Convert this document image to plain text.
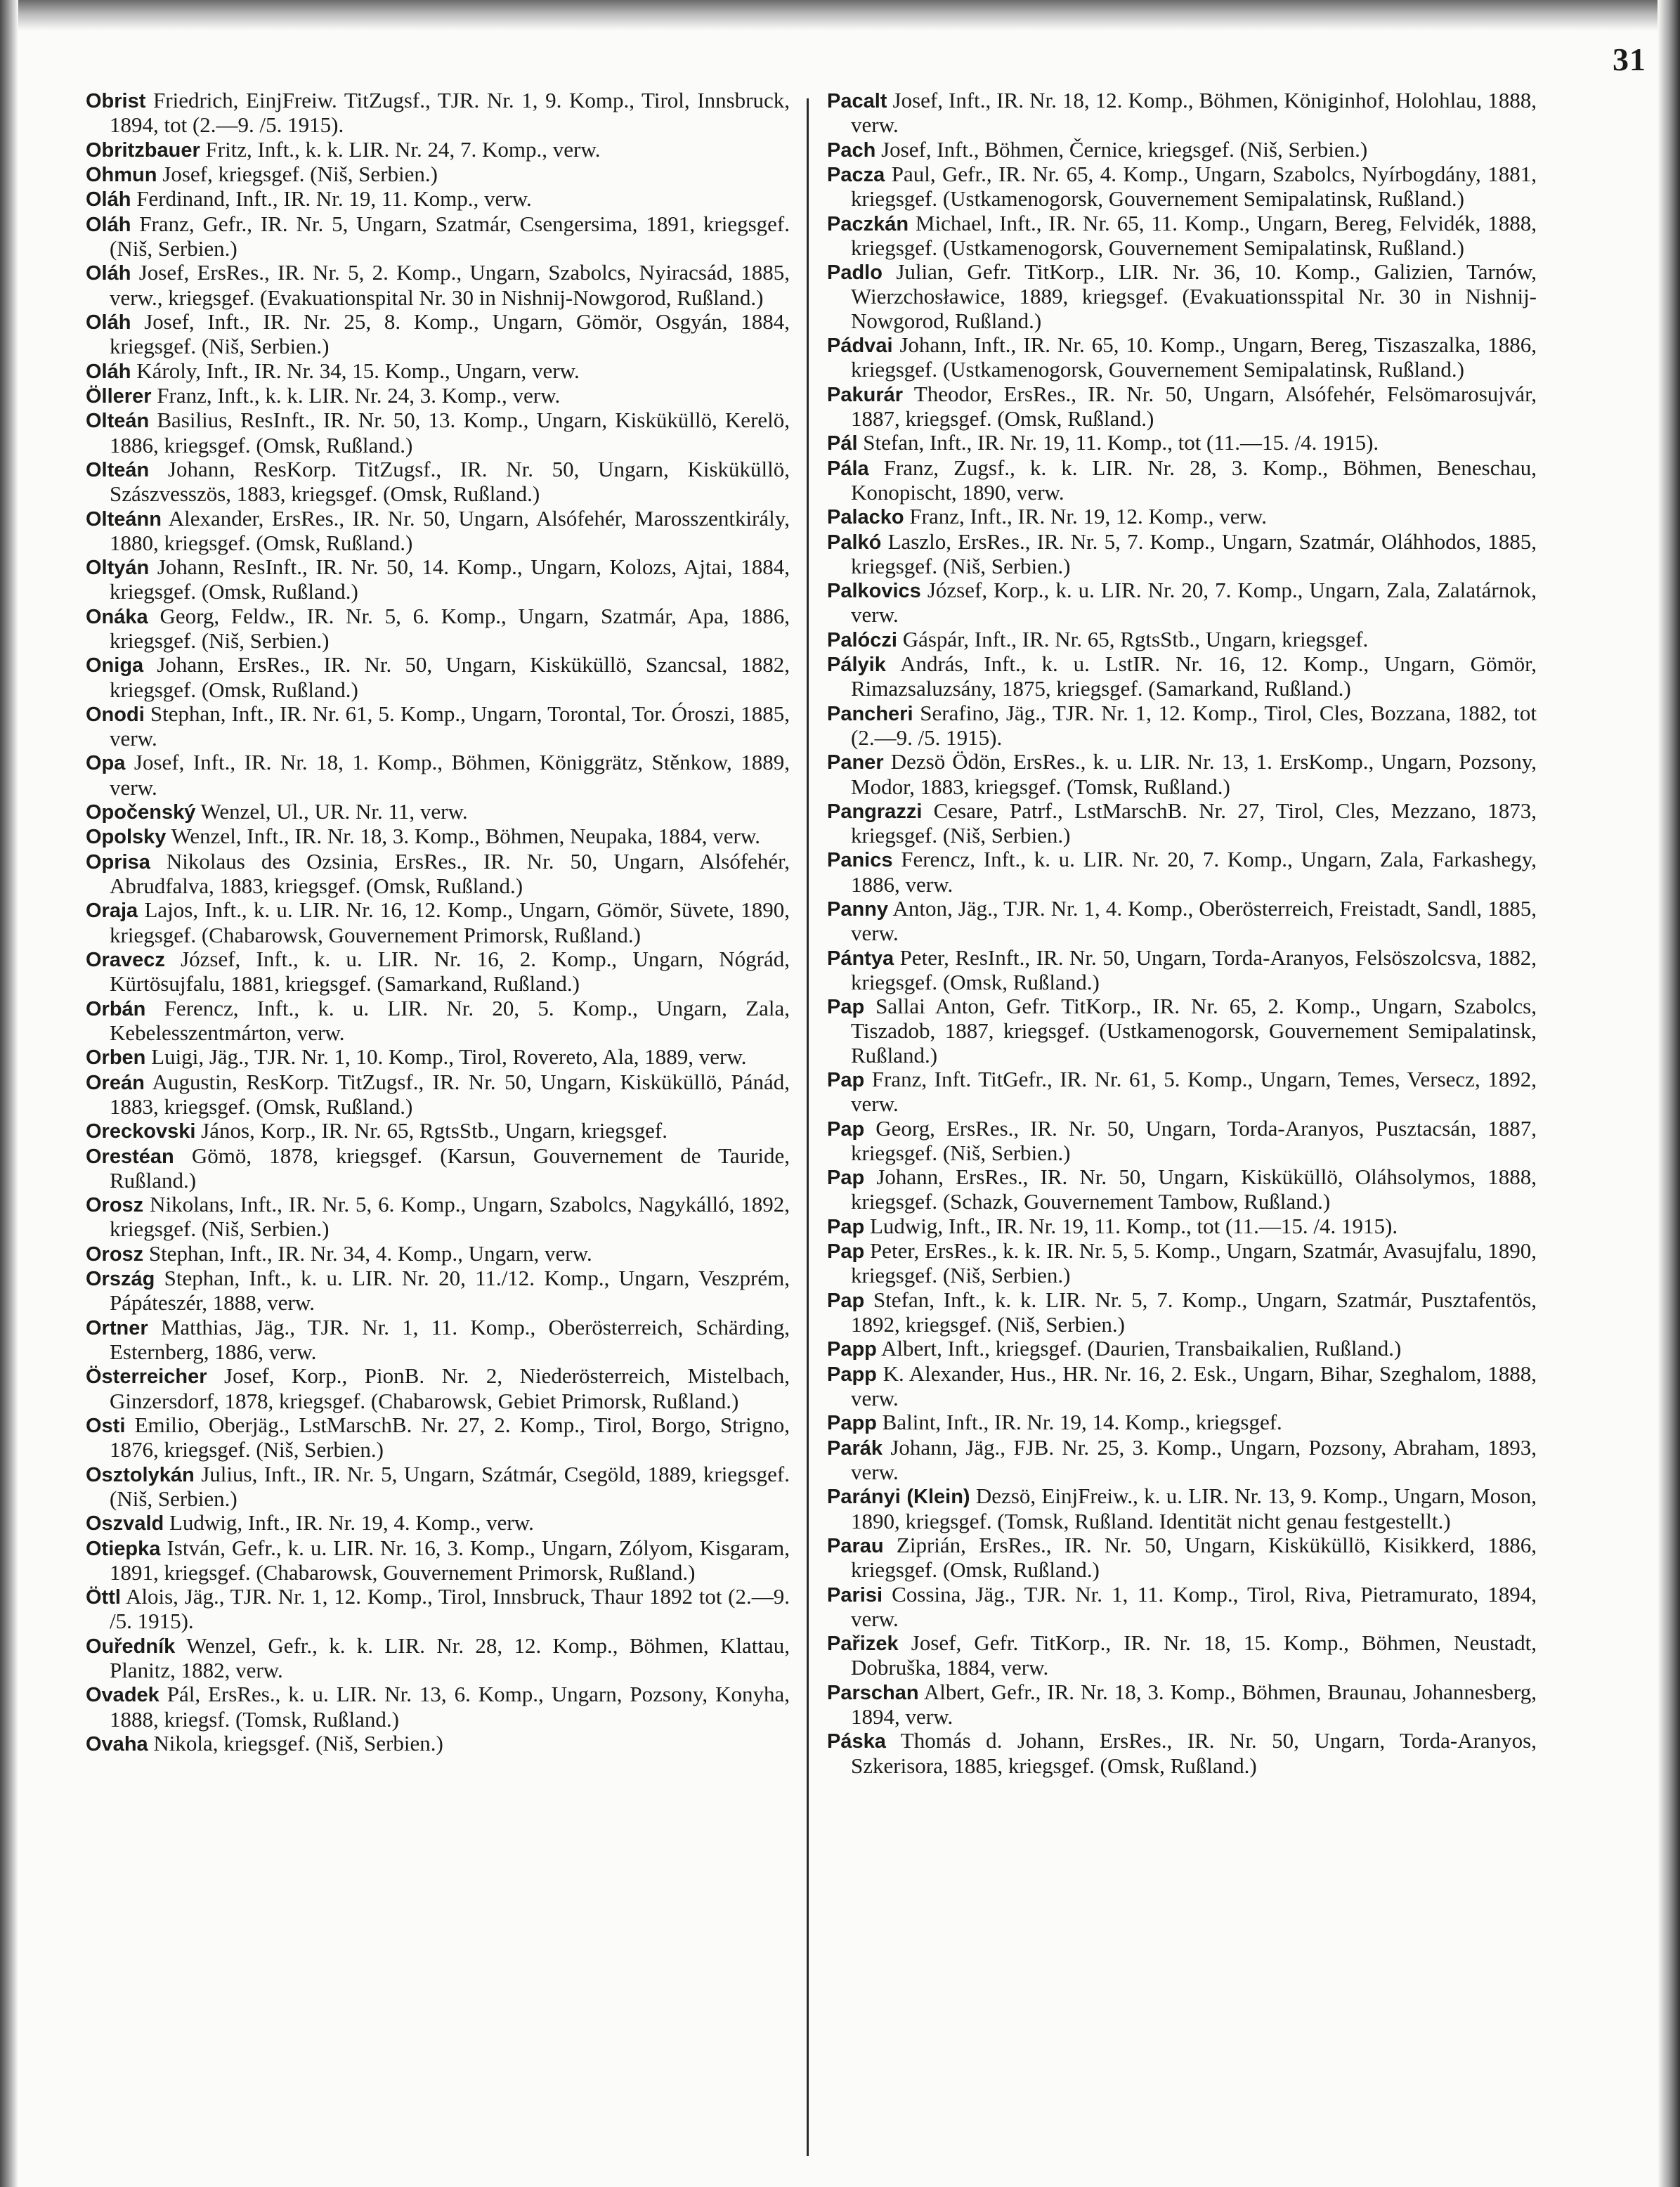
31

Obrist Friedrich, EinjFreiw. TitZugsf., TJR. Nr. 1, 9. Komp., Tirol, Innsbruck, 1894, tot (2.—9. /5. 1915).

Obritzbauer Fritz, Inft., k. k. LIR. Nr. 24, 7. Komp., verw.

Ohmun Josef, kriegsgef. (Niš, Serbien.)

Oláh Ferdinand, Inft., IR. Nr. 19, 11. Komp., verw.

Oláh Franz, Gefr., IR. Nr. 5, Ungarn, Szatmár, Csengersima, 1891, kriegsgef. (Niš, Serbien.)

Oláh Josef, ErsRes., IR. Nr. 5, 2. Komp., Ungarn, Szabolcs, Nyiracsád, 1885, verw., kriegsgef. (Evakuationspital Nr. 30 in Nishnij-Nowgorod, Rußland.)

Oláh Josef, Inft., IR. Nr. 25, 8. Komp., Ungarn, Gömör, Osgyán, 1884, kriegsgef. (Niš, Serbien.)

Oláh Károly, Inft., IR. Nr. 34, 15. Komp., Ungarn, verw.

Öllerer Franz, Inft., k. k. LIR. Nr. 24, 3. Komp., verw.

Olteán Basilius, ResInft., IR. Nr. 50, 13. Komp., Ungarn, Kisküküllö, Kerelö, 1886, kriegsgef. (Omsk, Rußland.)

Olteán Johann, ResKorp. TitZugsf., IR. Nr. 50, Ungarn, Kisküküllö, Szászvesszös, 1883, kriegsgef. (Omsk, Rußland.)

Olteánn Alexander, ErsRes., IR. Nr. 50, Ungarn, Alsófehér, Marosszentkirály, 1880, kriegsgef. (Omsk, Rußland.)

Oltyán Johann, ResInft., IR. Nr. 50, 14. Komp., Ungarn, Kolozs, Ajtai, 1884, kriegsgef. (Omsk, Rußland.)

Onáka Georg, Feldw., IR. Nr. 5, 6. Komp., Ungarn, Szatmár, Apa, 1886, kriegsgef. (Niš, Serbien.)

Oniga Johann, ErsRes., IR. Nr. 50, Ungarn, Kisküküllö, Szancsal, 1882, kriegsgef. (Omsk, Rußland.)

Onodi Stephan, Inft., IR. Nr. 61, 5. Komp., Ungarn, Torontal, Tor. Óroszi, 1885, verw.

Opa Josef, Inft., IR. Nr. 18, 1. Komp., Böhmen, Königgrätz, Stěnkow, 1889, verw.

Opočenský Wenzel, Ul., UR. Nr. 11, verw.

Opolsky Wenzel, Inft., IR. Nr. 18, 3. Komp., Böhmen, Neupaka, 1884, verw.

Oprisa Nikolaus des Ozsinia, ErsRes., IR. Nr. 50, Ungarn, Alsófehér, Abrudfalva, 1883, kriegsgef. (Omsk, Rußland.)

Oraja Lajos, Inft., k. u. LIR. Nr. 16, 12. Komp., Ungarn, Gömör, Süvete, 1890, kriegsgef. (Chabarowsk, Gouvernement Primorsk, Rußland.)

Oravecz József, Inft., k. u. LIR. Nr. 16, 2. Komp., Ungarn, Nógrád, Kürtösujfalu, 1881, kriegsgef. (Samarkand, Rußland.)

Orbán Ferencz, Inft., k. u. LIR. Nr. 20, 5. Komp., Ungarn, Zala, Kebelesszentmárton, verw.

Orben Luigi, Jäg., TJR. Nr. 1, 10. Komp., Tirol, Rovereto, Ala, 1889, verw.

Oreán Augustin, ResKorp. TitZugsf., IR. Nr. 50, Ungarn, Kisküküllö, Pánád, 1883, kriegsgef. (Omsk, Rußland.)

Oreckovski János, Korp., IR. Nr. 65, RgtsStb., Ungarn, kriegsgef.

Orestéan Gömö, 1878, kriegsgef. (Karsun, Gouvernement de Tauride, Rußland.)

Orosz Nikolans, Inft., IR. Nr. 5, 6. Komp., Ungarn, Szabolcs, Nagykálló, 1892, kriegsgef. (Niš, Serbien.)

Orosz Stephan, Inft., IR. Nr. 34, 4. Komp., Ungarn, verw.

Ország Stephan, Inft., k. u. LIR. Nr. 20, 11./12. Komp., Ungarn, Veszprém, Pápáteszér, 1888, verw.

Ortner Matthias, Jäg., TJR. Nr. 1, 11. Komp., Oberösterreich, Schärding, Esternberg, 1886, verw.

Österreicher Josef, Korp., PionB. Nr. 2, Niederösterreich, Mistelbach, Ginzersdorf, 1878, kriegsgef. (Chabarowsk, Gebiet Primorsk, Rußland.)

Osti Emilio, Oberjäg., LstMarschB. Nr. 27, 2. Komp., Tirol, Borgo, Strigno, 1876, kriegsgef. (Niš, Serbien.)

Osztolykán Julius, Inft., IR. Nr. 5, Ungarn, Szátmár, Csegöld, 1889, kriegsgef. (Niš, Serbien.)

Oszvald Ludwig, Inft., IR. Nr. 19, 4. Komp., verw.

Otiepka István, Gefr., k. u. LIR. Nr. 16, 3. Komp., Ungarn, Zólyom, Kisgaram, 1891, kriegsgef. (Chabarowsk, Gouvernement Primorsk, Rußland.)

Öttl Alois, Jäg., TJR. Nr. 1, 12. Komp., Tirol, Innsbruck, Thaur 1892 tot (2.—9. /5. 1915).

Ouředník Wenzel, Gefr., k. k. LIR. Nr. 28, 12. Komp., Böhmen, Klattau, Planitz, 1882, verw.

Ovadek Pál, ErsRes., k. u. LIR. Nr. 13, 6. Komp., Ungarn, Pozsony, Konyha, 1888, kriegsf. (Tomsk, Rußland.)

Ovaha Nikola, kriegsgef. (Niš, Serbien.)

Pacalt Josef, Inft., IR. Nr. 18, 12. Komp., Böhmen, Königinhof, Holohlau, 1888, verw.

Pach Josef, Inft., Böhmen, Černice, kriegsgef. (Niš, Serbien.)

Pacza Paul, Gefr., IR. Nr. 65, 4. Komp., Ungarn, Szabolcs, Nyírbogdány, 1881, kriegsgef. (Ustkamenogorsk, Gouvernement Semipalatinsk, Rußland.)

Paczkán Michael, Inft., IR. Nr. 65, 11. Komp., Ungarn, Bereg, Felvidék, 1888, kriegsgef. (Ustkamenogorsk, Gouvernement Semipalatinsk, Rußland.)

Padlo Julian, Gefr. TitKorp., LIR. Nr. 36, 10. Komp., Galizien, Tarnów, Wierzchosławice, 1889, kriegsgef. (Evakuationsspital Nr. 30 in Nishnij-Nowgorod, Rußland.)

Pádvai Johann, Inft., IR. Nr. 65, 10. Komp., Ungarn, Bereg, Tiszaszalka, 1886, kriegsgef. (Ustkamenogorsk, Gouvernement Semipalatinsk, Rußland.)

Pakurár Theodor, ErsRes., IR. Nr. 50, Ungarn, Alsófehér, Felsömarosujvár, 1887, kriegsgef. (Omsk, Rußland.)

Pál Stefan, Inft., IR. Nr. 19, 11. Komp., tot (11.—15. /4. 1915).

Pála Franz, Zugsf., k. k. LIR. Nr. 28, 3. Komp., Böhmen, Beneschau, Konopischt, 1890, verw.

Palacko Franz, Inft., IR. Nr. 19, 12. Komp., verw.

Palkó Laszlo, ErsRes., IR. Nr. 5, 7. Komp., Ungarn, Szatmár, Oláhhodos, 1885, kriegsgef. (Niš, Serbien.)

Palkovics József, Korp., k. u. LIR. Nr. 20, 7. Komp., Ungarn, Zala, Zalatárnok, verw.

Palóczi Gáspár, Inft., IR. Nr. 65, RgtsStb., Ungarn, kriegsgef.

Pályik András, Inft., k. u. LstIR. Nr. 16, 12. Komp., Ungarn, Gömör, Rimazsaluzsány, 1875, kriegsgef. (Samarkand, Rußland.)

Pancheri Serafino, Jäg., TJR. Nr. 1, 12. Komp., Tirol, Cles, Bozzana, 1882, tot (2.—9. /5. 1915).

Paner Dezsö Ödön, ErsRes., k. u. LIR. Nr. 13, 1. ErsKomp., Ungarn, Pozsony, Modor, 1883, kriegsgef. (Tomsk, Rußland.)

Pangrazzi Cesare, Patrf., LstMarschB. Nr. 27, Tirol, Cles, Mezzano, 1873, kriegsgef. (Niš, Serbien.)

Panics Ferencz, Inft., k. u. LIR. Nr. 20, 7. Komp., Ungarn, Zala, Farkashegy, 1886, verw.

Panny Anton, Jäg., TJR. Nr. 1, 4. Komp., Oberösterreich, Freistadt, Sandl, 1885, verw.

Pántya Peter, ResInft., IR. Nr. 50, Ungarn, Torda-Aranyos, Felsöszolcsva, 1882, kriegsgef. (Omsk, Rußland.)

Pap Sallai Anton, Gefr. TitKorp., IR. Nr. 65, 2. Komp., Ungarn, Szabolcs, Tiszadob, 1887, kriegsgef. (Ustkamenogorsk, Gouvernement Semipalatinsk, Rußland.)

Pap Franz, Inft. TitGefr., IR. Nr. 61, 5. Komp., Ungarn, Temes, Versecz, 1892, verw.

Pap Georg, ErsRes., IR. Nr. 50, Ungarn, Torda-Aranyos, Pusztacsán, 1887, kriegsgef. (Niš, Serbien.)

Pap Johann, ErsRes., IR. Nr. 50, Ungarn, Kisküküllö, Oláhsolymos, 1888, kriegsgef. (Schazk, Gouvernement Tambow, Rußland.)

Pap Ludwig, Inft., IR. Nr. 19, 11. Komp., tot (11.—15. /4. 1915).

Pap Peter, ErsRes., k. k. IR. Nr. 5, 5. Komp., Ungarn, Szatmár, Avasujfalu, 1890, kriegsgef. (Niš, Serbien.)

Pap Stefan, Inft., k. k. LIR. Nr. 5, 7. Komp., Ungarn, Szatmár, Pusztafentös, 1892, kriegsgef. (Niš, Serbien.)

Papp Albert, Inft., kriegsgef. (Daurien, Transbaikalien, Rußland.)

Papp K. Alexander, Hus., HR. Nr. 16, 2. Esk., Ungarn, Bihar, Szeghalom, 1888, verw.

Papp Balint, Inft., IR. Nr. 19, 14. Komp., kriegsgef.

Parák Johann, Jäg., FJB. Nr. 25, 3. Komp., Ungarn, Pozsony, Abraham, 1893, verw.

Parányi (Klein) Dezsö, EinjFreiw., k. u. LIR. Nr. 13, 9. Komp., Ungarn, Moson, 1890, kriegsgef. (Tomsk, Rußland. Identität nicht genau festgestellt.)

Parau Ziprián, ErsRes., IR. Nr. 50, Ungarn, Kisküküllö, Kisikkerd, 1886, kriegsgef. (Omsk, Rußland.)

Parisi Cossina, Jäg., TJR. Nr. 1, 11. Komp., Tirol, Riva, Pietramurato, 1894, verw.

Pařizek Josef, Gefr. TitKorp., IR. Nr. 18, 15. Komp., Böhmen, Neustadt, Dobruška, 1884, verw.

Parschan Albert, Gefr., IR. Nr. 18, 3. Komp., Böhmen, Braunau, Johannesberg, 1894, verw.

Páska Thomás d. Johann, ErsRes., IR. Nr. 50, Ungarn, Torda-Aranyos, Szkerisora, 1885, kriegsgef. (Omsk, Rußland.)
